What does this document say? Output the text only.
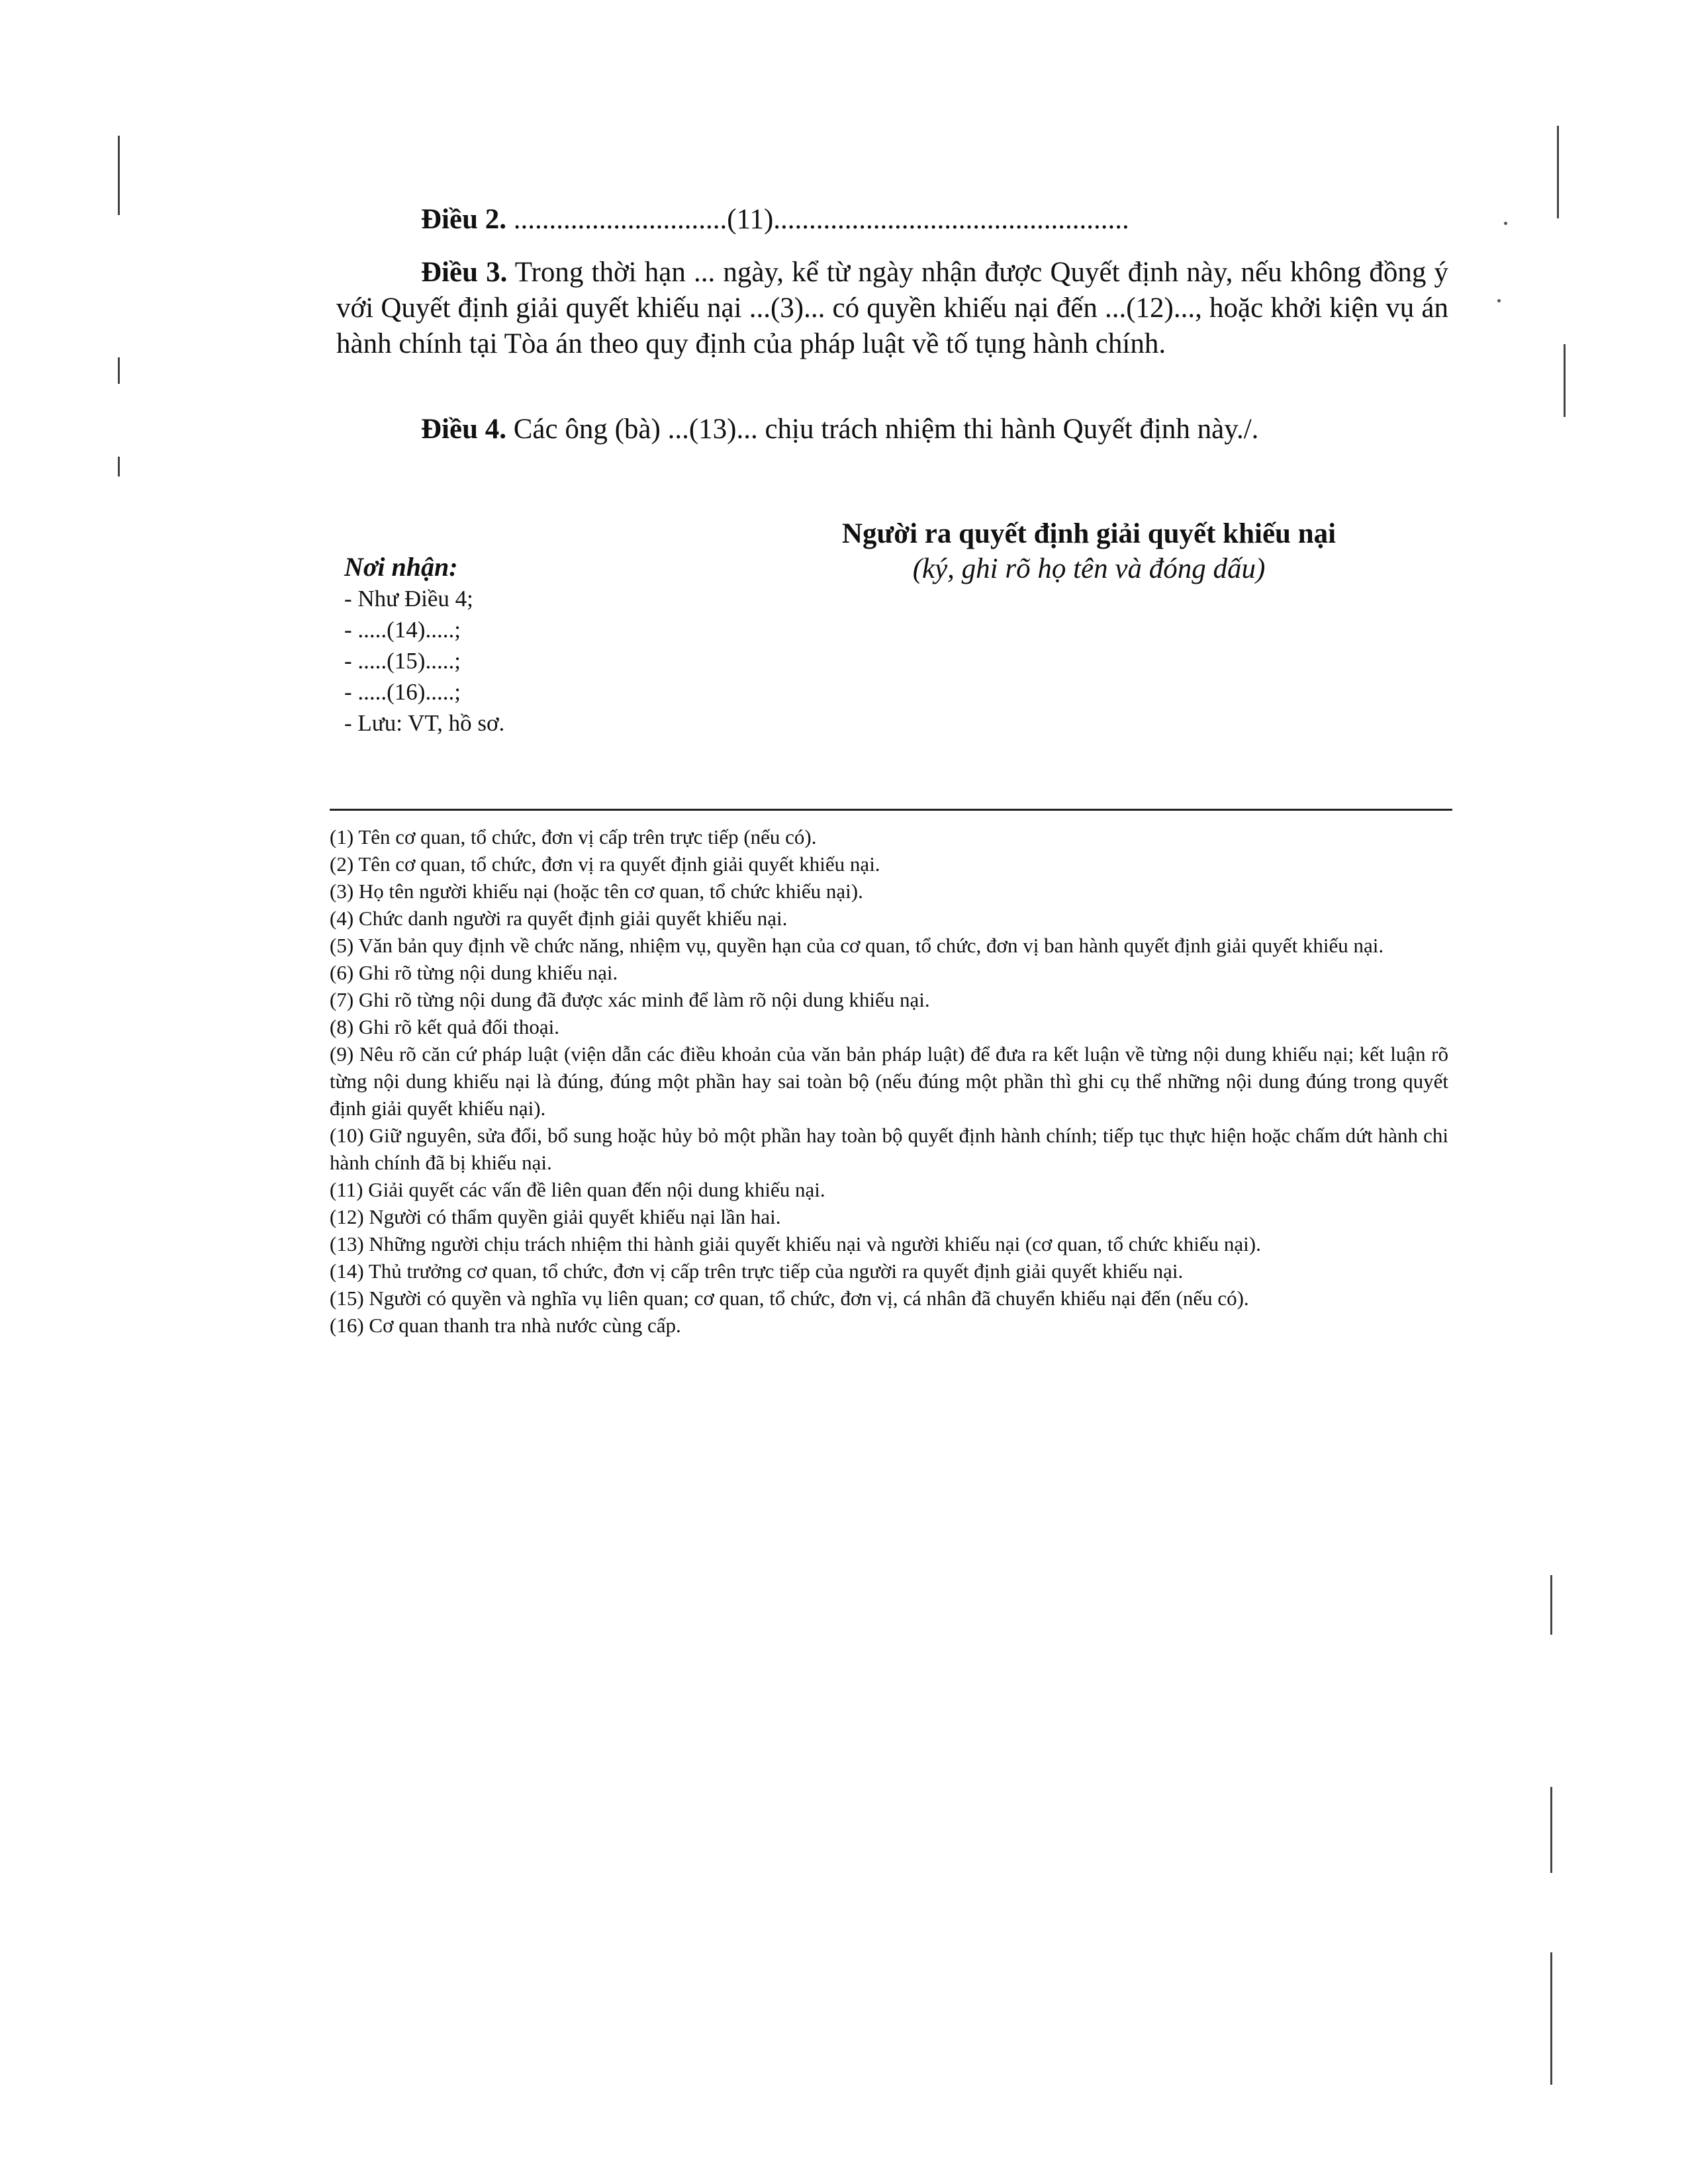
Điều 2. ..............................(11)..................................................

Điều 3. Trong thời hạn ... ngày, kể từ ngày nhận được Quyết định này, nếu không đồng ý với Quyết định giải quyết khiếu nại ...(3)... có quyền khiếu nại đến ...(12)..., hoặc khởi kiện vụ án hành chính tại Tòa án theo quy định của pháp luật về tố tụng hành chính.

Điều 4. Các ông (bà) ...(13)... chịu trách nhiệm thi hành Quyết định này./.

Nơi nhận:
- Như Điều 4;
- .....(14).....;
- .....(15).....;
- .....(16).....;
- Lưu: VT, hồ sơ.
Người ra quyết định giải quyết khiếu nại
(ký, ghi rõ họ tên và đóng dấu)

(1) Tên cơ quan, tổ chức, đơn vị cấp trên trực tiếp (nếu có).

(2) Tên cơ quan, tổ chức, đơn vị ra quyết định giải quyết khiếu nại.

(3) Họ tên người khiếu nại (hoặc tên cơ quan, tổ chức khiếu nại).

(4) Chức danh người ra quyết định giải quyết khiếu nại.

(5) Văn bản quy định về chức năng, nhiệm vụ, quyền hạn của cơ quan, tổ chức, đơn vị ban hành quyết định giải quyết khiếu nại.

(6) Ghi rõ từng nội dung khiếu nại.

(7) Ghi rõ từng nội dung đã được xác minh để làm rõ nội dung khiếu nại.

(8) Ghi rõ kết quả đối thoại.

(9) Nêu rõ căn cứ pháp luật (viện dẫn các điều khoản của văn bản pháp luật) để đưa ra kết luận về từng nội dung khiếu nại; kết luận rõ từng nội dung khiếu nại là đúng, đúng một phần hay sai toàn bộ (nếu đúng một phần thì ghi cụ thể những nội dung đúng trong quyết định giải quyết khiếu nại).

(10) Giữ nguyên, sửa đổi, bổ sung hoặc hủy bỏ một phần hay toàn bộ quyết định hành chính; tiếp tục thực hiện hoặc chấm dứt hành chi hành chính đã bị khiếu nại.

(11) Giải quyết các vấn đề liên quan đến nội dung khiếu nại.

(12) Người có thẩm quyền giải quyết khiếu nại lần hai.

(13) Những người chịu trách nhiệm thi hành giải quyết khiếu nại và người khiếu nại (cơ quan, tổ chức khiếu nại).

(14) Thủ trưởng cơ quan, tổ chức, đơn vị cấp trên trực tiếp của người ra quyết định giải quyết khiếu nại.

(15) Người có quyền và nghĩa vụ liên quan; cơ quan, tổ chức, đơn vị, cá nhân đã chuyển khiếu nại đến (nếu có).

(16) Cơ quan thanh tra nhà nước cùng cấp.
